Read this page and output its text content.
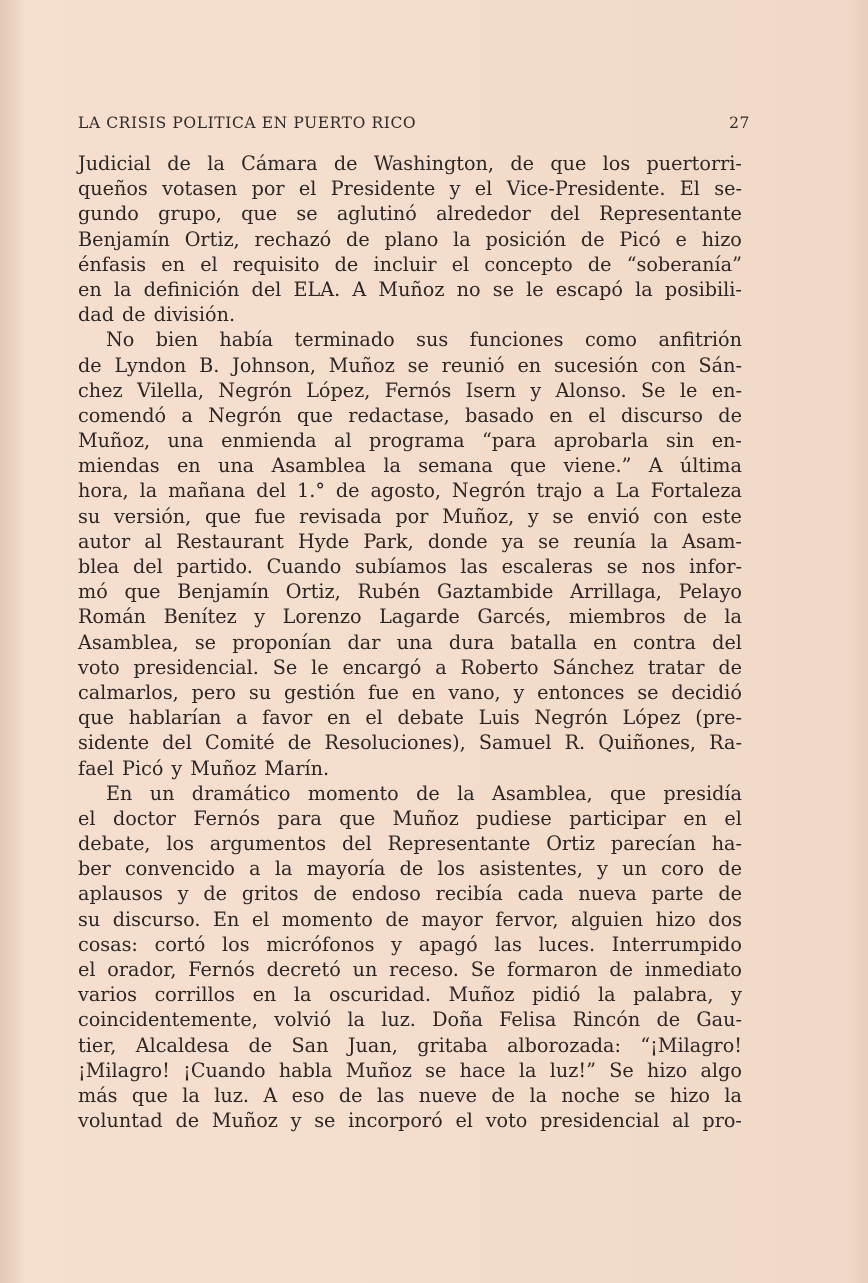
LA CRISIS POLITICA EN PUERTO RICO	27
Judicial de la Cámara de Washington, de que los puertorri-
queños votasen por el Presidente y el Vice-Presidente. El se-
gundo grupo, que se aglutinó alrededor del Representante
Benjamín Ortiz, rechazó de plano la posición de Picó e hizo
énfasis en el requisito de incluir el concepto de “soberanía”
en la definición del ELA. A Muñoz no se le escapó la posibili-
dad de división.
No bien había terminado sus funciones como anfitrión
de Lyndon B. Johnson, Muñoz se reunió en sucesión con Sán-
chez Vilella, Negrón López, Fernós Isern y Alonso. Se le en-
comendó a Negrón que redactase, basado en el discurso de
Muñoz, una enmienda al programa “para aprobarla sin en-
miendas en una Asamblea la semana que viene.” A última
hora, la mañana del 1.° de agosto, Negrón trajo a La Fortaleza
su versión, que fue revisada por Muñoz, y se envió con este
autor al Restaurant Hyde Park, donde ya se reunía la Asam-
blea del partido. Cuando subíamos las escaleras se nos infor-
mó que Benjamín Ortiz, Rubén Gaztambide Arrillaga, Pelayo
Román Benítez y Lorenzo Lagarde Garcés, miembros de la
Asamblea, se proponían dar una dura batalla en contra del
voto presidencial. Se le encargó a Roberto Sánchez tratar de
calmarlos, pero su gestión fue en vano, y entonces se decidió
que hablarían a favor en el debate Luis Negrón López (pre-
sidente del Comité de Resoluciones), Samuel R. Quiñones, Ra-
fael Picó y Muñoz Marín.
En un dramático momento de la Asamblea, que presidía
el doctor Fernós para que Muñoz pudiese participar en el
debate, los argumentos del Representante Ortiz parecían ha-
ber convencido a la mayoría de los asistentes, y un coro de
aplausos y de gritos de endoso recibía cada nueva parte de
su discurso. En el momento de mayor fervor, alguien hizo dos
cosas: cortó los micrófonos y apagó las luces. Interrumpido
el orador, Fernós decretó un receso. Se formaron de inmediato
varios corrillos en la oscuridad. Muñoz pidió la palabra, y
coincidentemente, volvió la luz. Doña Felisa Rincón de Gau-
tier, Alcaldesa de San Juan, gritaba alborozada: “¡Milagro!
¡Milagro! ¡Cuando habla Muñoz se hace la luz!” Se hizo algo
más que la luz. A eso de las nueve de la noche se hizo la
voluntad de Muñoz y se incorporó el voto presidencial al pro-
